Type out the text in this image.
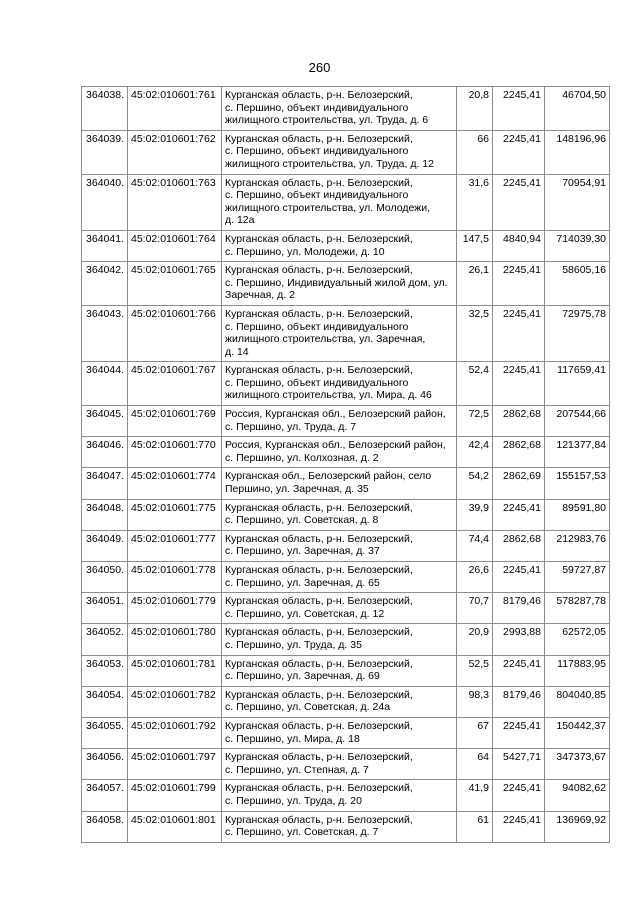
260
364038.	45:02:010601:761	Курганская область, р-н. Белозерский,
с. Першино, объект индивидуального
жилищного строительства, ул. Труда, д. 6	20,8	2245,41	46704,50
364039.	45:02:010601:762	Курганская область, р-н. Белозерский,
с. Першино, объект индивидуального
жилищного строительства, ул. Труда, д. 12	66	2245,41	148196,96
364040.	45:02:010601:763	Курганская область, р-н. Белозерский,
с. Першино, объект индивидуального
жилищного строительства, ул. Молодежи,
д. 12а	31,6	2245,41	70954,91
364041.	45:02:010601:764	Курганская область, р-н. Белозерский,
с. Першино, ул. Молодежи, д. 10	147,5	4840,94	714039,30
364042.	45:02:010601:765	Курганская область, р-н. Белозерский,
с. Першино, Индивидуальный жилой дом, ул.
Заречная, д. 2	26,1	2245,41	58605,16
364043.	45:02:010601:766	Курганская область, р-н. Белозерский,
с. Першино, объект индивидуального
жилищного строительства, ул. Заречная,
д. 14	32,5	2245,41	72975,78
364044.	45:02:010601:767	Курганская область, р-н. Белозерский,
с. Першино, объект индивидуального
жилищного строительства, ул. Мира, д. 46	52,4	2245,41	117659,41
364045.	45:02:010601:769	Россия, Курганская обл., Белозерский район,
с. Першино, ул. Труда, д. 7	72,5	2862,68	207544,66
364046.	45:02:010601:770	Россия, Курганская обл., Белозерский район,
с. Першино, ул. Колхозная, д. 2	42,4	2862,68	121377,84
364047.	45:02:010601:774	Курганская обл., Белозерский район, село
Першино, ул. Заречная, д. 35	54,2	2862,69	155157,53
364048.	45:02:010601:775	Курганская область, р-н. Белозерский,
с. Першино, ул. Советская, д. 8	39,9	2245,41	89591,80
364049.	45:02:010601:777	Курганская область, р-н. Белозерский,
с. Першино, ул. Заречная, д. 37	74,4	2862,68	212983,76
364050.	45:02:010601:778	Курганская область, р-н. Белозерский,
с. Першино, ул. Заречная, д. 65	26,6	2245,41	59727,87
364051.	45:02:010601:779	Курганская область, р-н. Белозерский,
с. Першино, ул. Советская, д. 12	70,7	8179,46	578287,78
364052.	45:02:010601:780	Курганская область, р-н. Белозерский,
с. Першино, ул. Труда, д. 35	20,9	2993,88	62572,05
364053.	45:02:010601:781	Курганская область, р-н. Белозерский,
с. Першино, ул. Заречная, д. 69	52,5	2245,41	117883,95
364054.	45:02:010601:782	Курганская область, р-н. Белозерский,
с. Першино, ул. Советская, д. 24а	98,3	8179,46	804040,85
364055.	45:02:010601:792	Курганская область, р-н. Белозерский,
с. Першино, ул. Мира, д. 18	67	2245,41	150442,37
364056.	45:02:010601:797	Курганская область, р-н. Белозерский,
с. Першино, ул. Степная, д. 7	64	5427,71	347373,67
364057.	45:02:010601:799	Курганская область, р-н. Белозерский,
с. Першино, ул. Труда, д. 20	41,9	2245,41	94082,62
364058.	45:02:010601:801	Курганская область, р-н. Белозерский,
с. Першино, ул. Советская, д. 7	61	2245,41	136969,92
